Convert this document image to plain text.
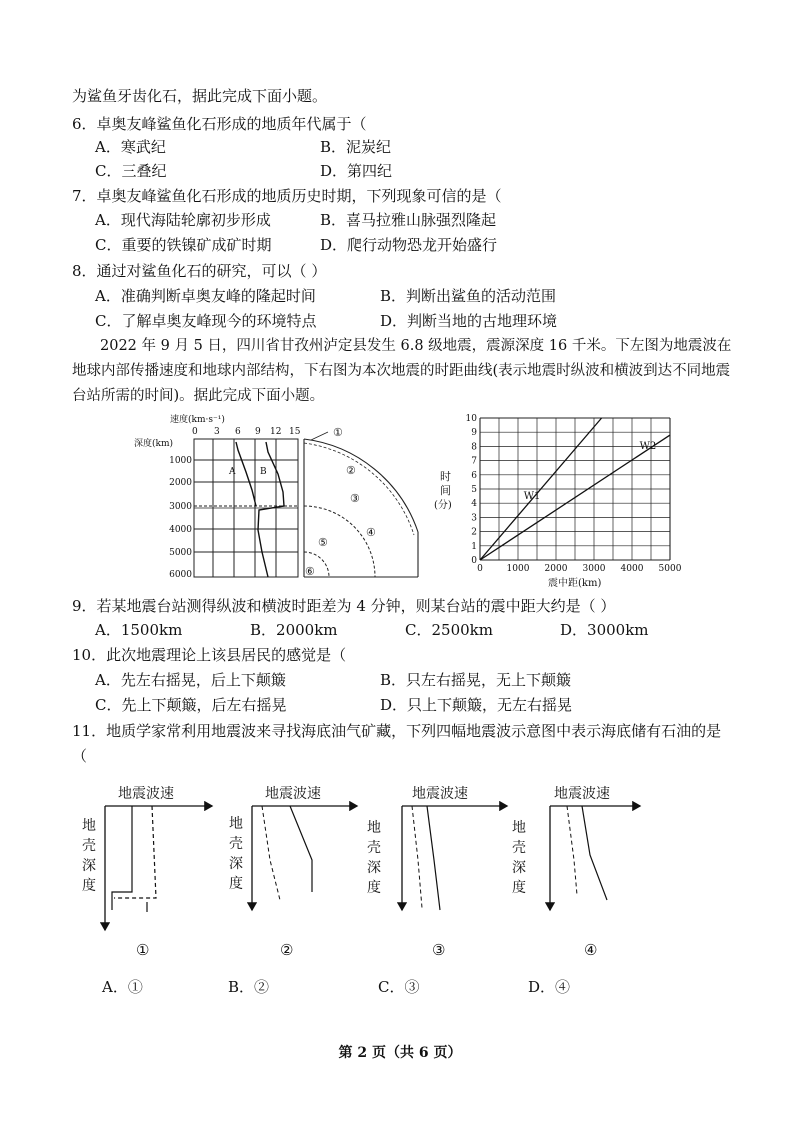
为鲨鱼牙齿化石，据此完成下面小题。
6．卓奥友峰鲨鱼化石形成的地质年代属于（
A．寒武纪	B．泥炭纪
C．三叠纪	D．第四纪
7．卓奥友峰鲨鱼化石形成的地质历史时期，下列现象可信的是（
A．现代海陆轮廓初步形成	B．喜马拉雅山脉强烈隆起
C．重要的铁镍矿成矿时期	D．爬行动物恐龙开始盛行
8．通过对鲨鱼化石的研究，可以（ ）
A．准确判断卓奥友峰的隆起时间	B．判断出鲨鱼的活动范围
C．了解卓奥友峰现今的环境特点	D．判断当地的古地理环境
2022 年 9 月 5 日，四川省甘孜州泸定县发生 6.8 级地震，震源深度 16 千米。下左图为地震波在地球内部传播速度和地球内部结构，下右图为本次地震的时距曲线(表示地震时纵波和横波到达不同地震台站所需的时间)。据此完成下面小题。
速度(km·s⁻¹)
深度(km)
0 3 6 9 12 15
1000
2000
3000
4000
5000
6000
A	B
①
②
③
④
⑤
⑥
0
1
2
3
4
5
6
7
8
9
10
0	1000 2000 3000 4000 5000
时
间
(分)
震中距(km)
W1
W2
9．若某地震台站测得纵波和横波时距差为 4 分钟，则某台站的震中距大约是（ ）
A．1500km	B．2000km	C．2500km	D．3000km
10．此次地震理论上该县居民的感觉是（
A．先左右摇晃，后上下颠簸	B．只左右摇晃，无上下颠簸
C．先上下颠簸，后左右摇晃	D．只上下颠簸，无左右摇晃
11．地质学家常利用地震波来寻找海底油气矿藏，下列四幅地震波示意图中表示海底储有石油的是
（
地震波速
地
壳
深
度
①
地震波速
地
壳
深
度
②
地震波速
地
壳
深
度
③
地震波速
地
壳
深
度
④
A．①	B．②	C．③	D．④
第 2 页（共 6 页）
